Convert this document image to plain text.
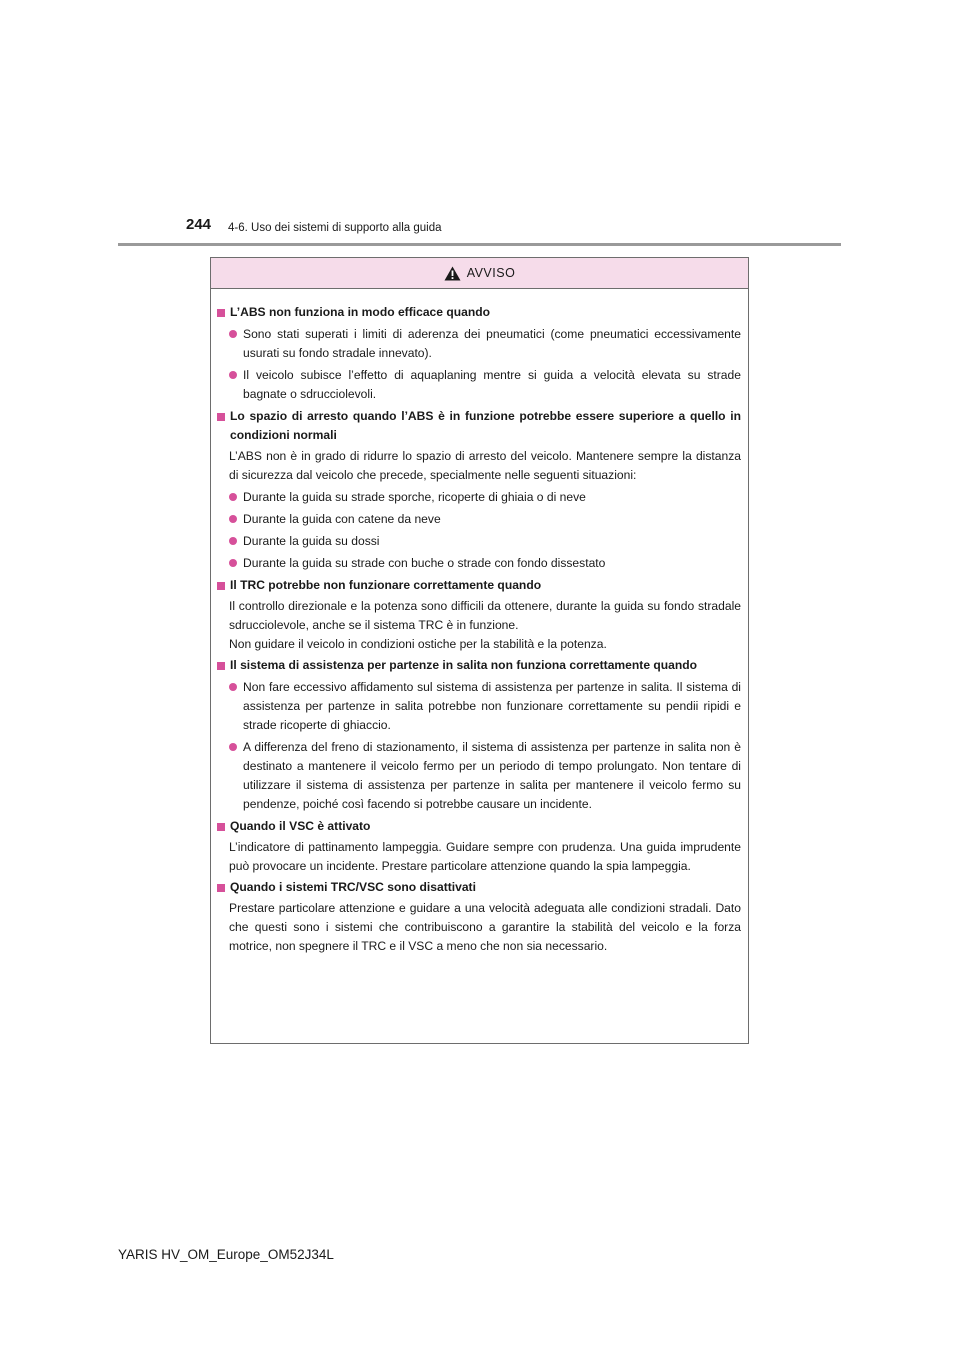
244 4-6. Uso dei sistemi di supporto alla guida
AVVISO
L’ABS non funziona in modo efficace quando
Sono stati superati i limiti di aderenza dei pneumatici (come pneumatici eccessivamente usurati su fondo stradale innevato).
Il veicolo subisce l’effetto di aquaplaning mentre si guida a velocità elevata su strade bagnate o sdrucciolevoli.
Lo spazio di arresto quando l’ABS è in funzione potrebbe essere superiore a quello in condizioni normali
L’ABS non è in grado di ridurre lo spazio di arresto del veicolo. Mantenere sempre la distanza di sicurezza dal veicolo che precede, specialmente nelle seguenti situazioni:
Durante la guida su strade sporche, ricoperte di ghiaia o di neve
Durante la guida con catene da neve
Durante la guida su dossi
Durante la guida su strade con buche o strade con fondo dissestato
Il TRC potrebbe non funzionare correttamente quando
Il controllo direzionale e la potenza sono difficili da ottenere, durante la guida su fondo stradale sdrucciolevole, anche se il sistema TRC è in funzione.
Non guidare il veicolo in condizioni ostiche per la stabilità e la potenza.
Il sistema di assistenza per partenze in salita non funziona correttamente quando
Non fare eccessivo affidamento sul sistema di assistenza per partenze in salita. Il sistema di assistenza per partenze in salita potrebbe non funzionare correttamente su pendii ripidi e strade ricoperte di ghiaccio.
A differenza del freno di stazionamento, il sistema di assistenza per partenze in salita non è destinato a mantenere il veicolo fermo per un periodo di tempo prolungato. Non tentare di utilizzare il sistema di assistenza per partenze in salita per mantenere il veicolo fermo su pendenze, poiché così facendo si potrebbe causare un incidente.
Quando il VSC è attivato
L’indicatore di pattinamento lampeggia. Guidare sempre con prudenza. Una guida imprudente può provocare un incidente. Prestare particolare attenzione quando la spia lampeggia.
Quando i sistemi TRC/VSC sono disattivati
Prestare particolare attenzione e guidare a una velocità adeguata alle condizioni stradali. Dato che questi sono i sistemi che contribuiscono a garantire la stabilità del veicolo e la forza motrice, non spegnere il TRC e il VSC a meno che non sia necessario.
YARIS HV_OM_Europe_OM52J34L
